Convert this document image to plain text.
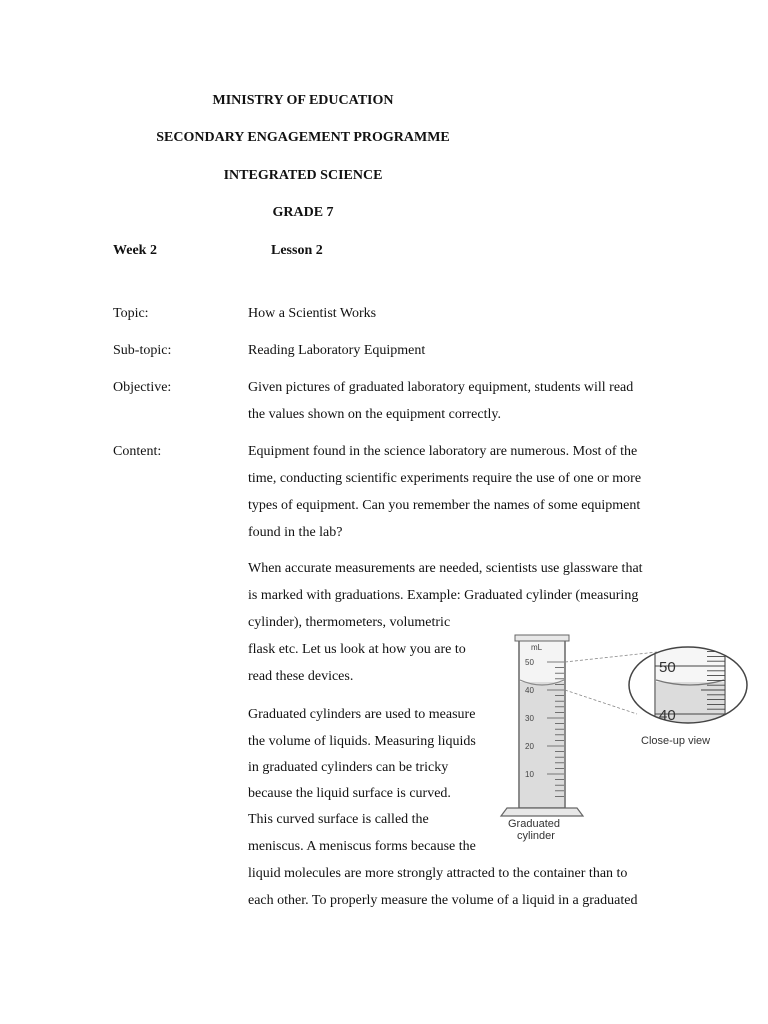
MINISTRY OF EDUCATION
SECONDARY ENGAGEMENT PROGRAMME
INTEGRATED SCIENCE
GRADE 7
Week 2	Lesson 2
Topic:	How a Scientist Works
Sub-topic:	Reading Laboratory Equipment
Objective:	Given pictures of graduated laboratory equipment, students will read
the values shown on the equipment correctly.
Content:	Equipment found in the science laboratory are numerous. Most of the
time, conducting scientific experiments require the use of one or more
types of equipment. Can you remember the names of some equipment
found in the lab?
When accurate measurements are needed, scientists use glassware that
is marked with graduations. Example: Graduated cylinder (measuring
cylinder), thermometers, volumetric
flask etc. Let us look at how you are to
read these devices.
Graduated cylinders are used to measure
the volume of liquids. Measuring liquids
in graduated cylinders can be tricky
because the liquid surface is curved.
This curved surface is called the
meniscus. A meniscus forms because the
liquid molecules are more strongly attracted to the container than to
each other. To properly measure the volume of a liquid in a graduated
mL
50
40
30
20
10
50
40
Close-up view
Graduated
cylinder
